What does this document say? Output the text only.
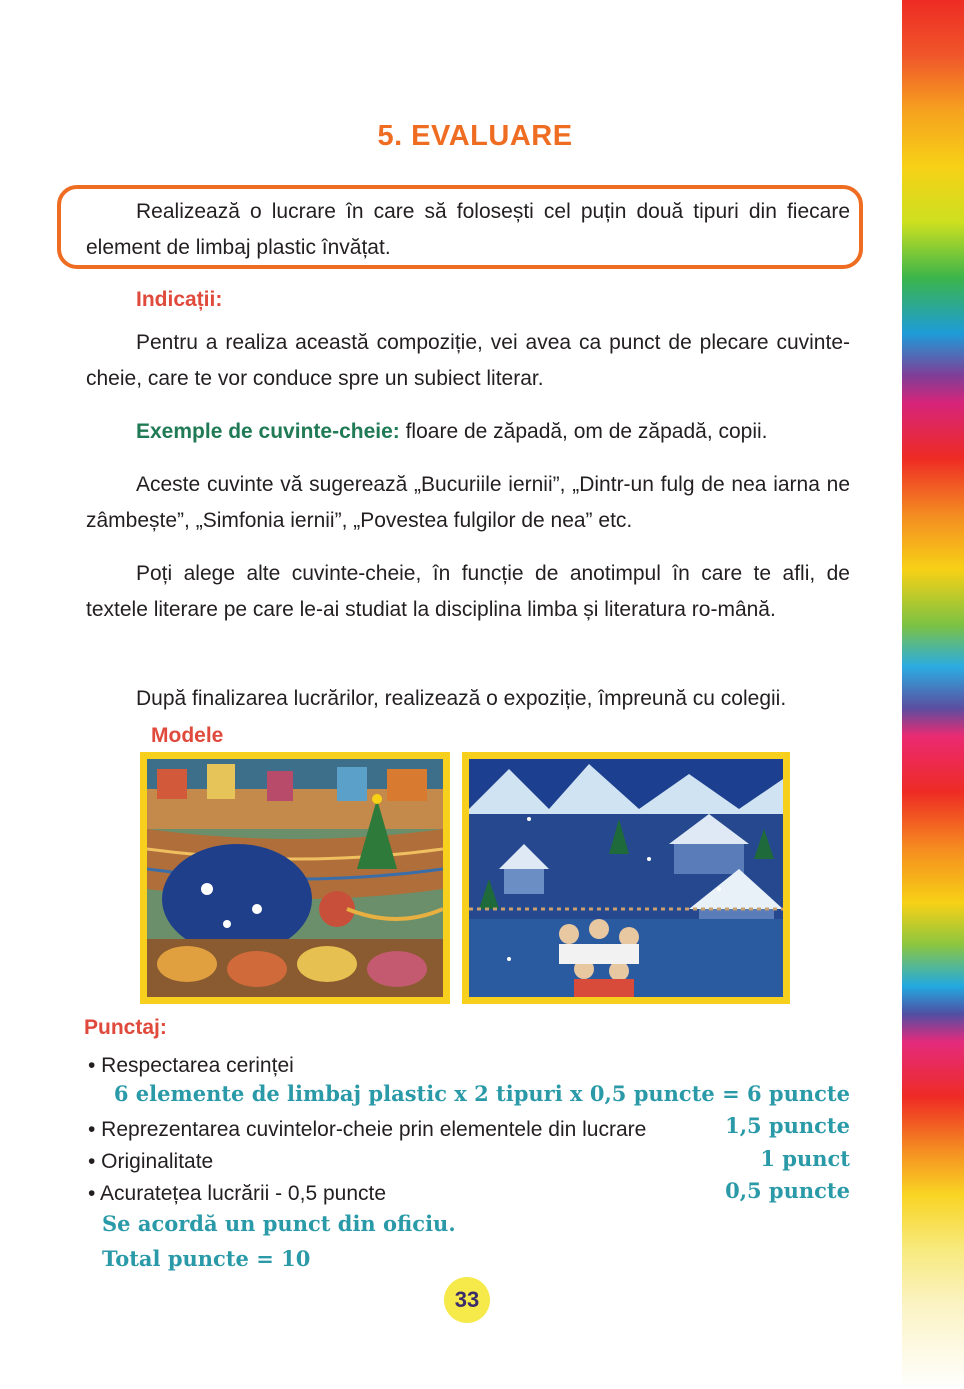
5. EVALUARE

Realizează o lucrare în care să folosești cel puțin două tipuri din fiecare element de limbaj plastic învățat.

Indicații:

Pentru a realiza această compoziție, vei avea ca punct de plecare cuvinte-cheie, care te vor conduce spre un subiect literar.

Exemple de cuvinte-cheie: floare de zăpadă, om de zăpadă, copii.

Aceste cuvinte vă sugerează „Bucuriile iernii”, „Dintr-un fulg de nea iarna ne zâmbește”, „Simfonia iernii”, „Povestea fulgilor de nea” etc.

Poți alege alte cuvinte-cheie, în funcție de anotimpul în care te afli, de textele literare pe care le-ai studiat la disciplina limba și literatura ro-mână.

După finalizarea lucrărilor, realizează o expoziție, împreună cu colegii.

Modele
Punctaj:
• Respectarea cerinței
6 elemente de limbaj plastic x 2 tipuri x 0,5 puncte = 6 puncte
• Reprezentarea cuvintelor-cheie prin elementele din lucrare	1,5 puncte
• Originalitate	1 punct
• Acuratețea lucrării - 0,5 puncte	0,5 puncte
Se acordă un punct din oficiu.
Total puncte = 10
33
